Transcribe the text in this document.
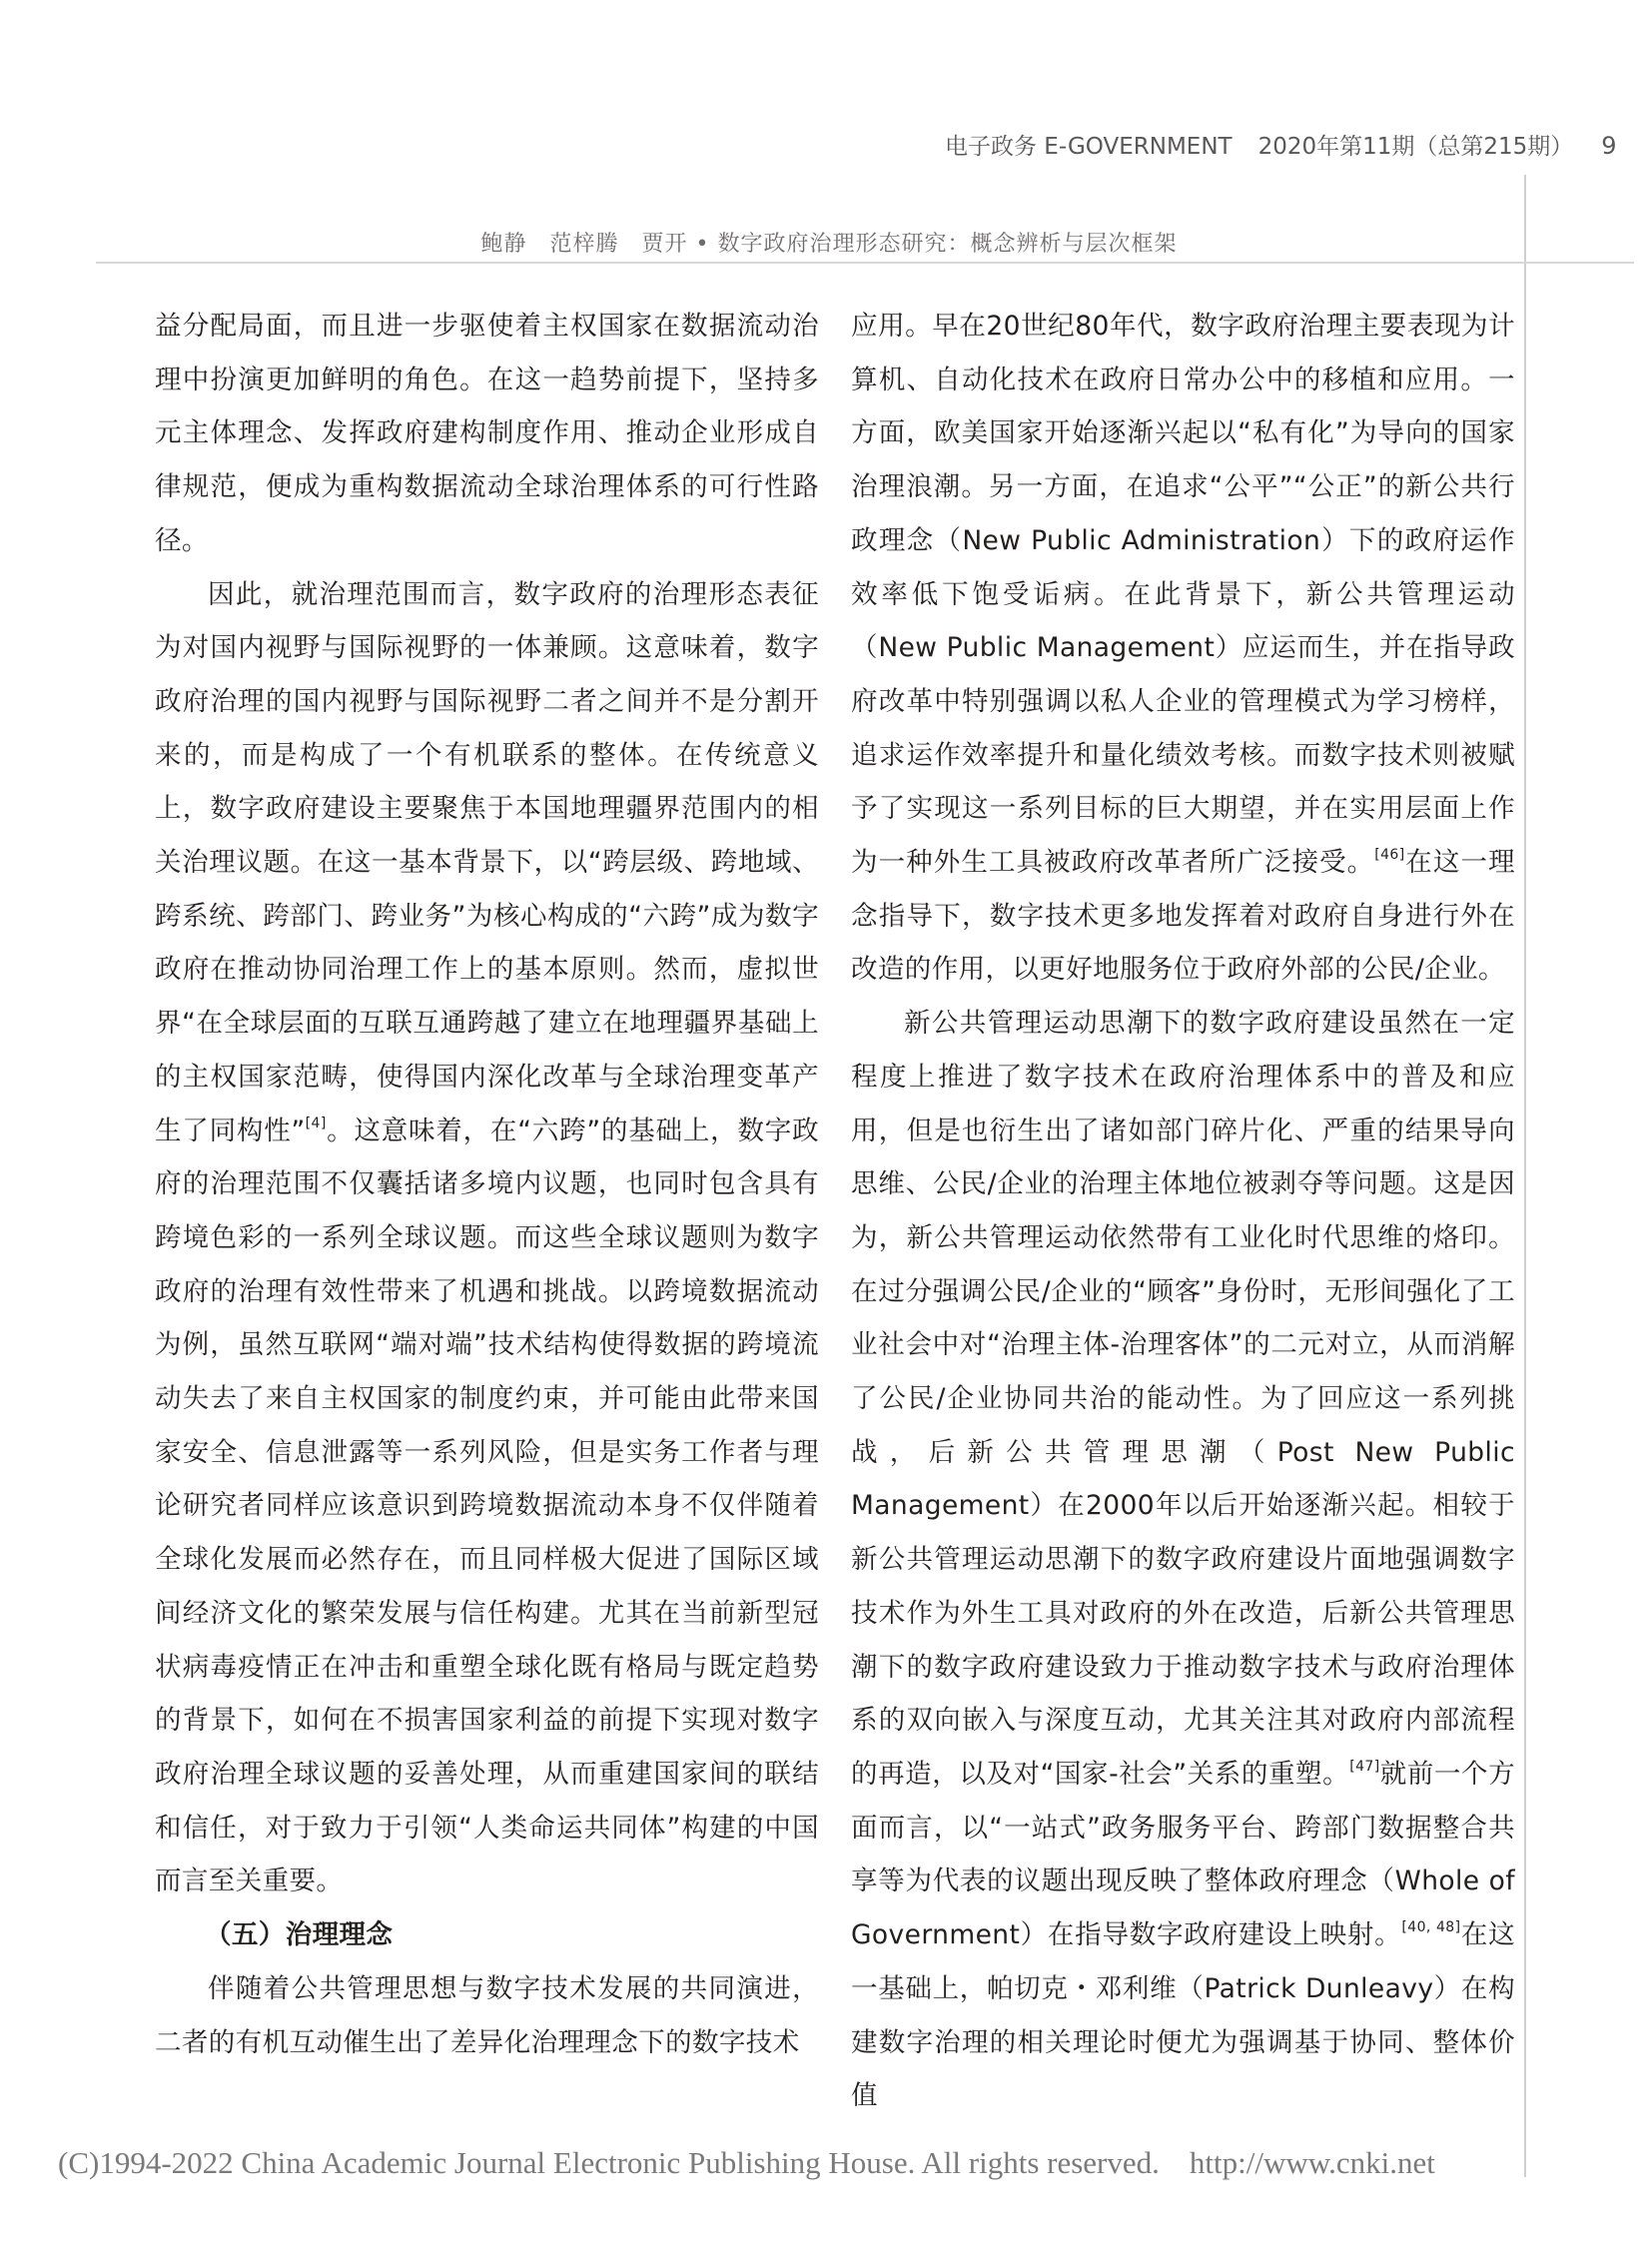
电子政务 E-GOVERNMENT 2020年第11期（总第215期） 9
鲍静　范梓腾　贾开 • 数字政府治理形态研究：概念辨析与层次框架

益分配局面，而且进一步驱使着主权国家在数据流动治理中扮演更加鲜明的角色。在这一趋势前提下，坚持多元主体理念、发挥政府建构制度作用、推动企业形成自律规范，便成为重构数据流动全球治理体系的可行性路径。

因此，就治理范围而言，数字政府的治理形态表征为对国内视野与国际视野的一体兼顾。这意味着，数字政府治理的国内视野与国际视野二者之间并不是分割开来的，而是构成了一个有机联系的整体。在传统意义上，数字政府建设主要聚焦于本国地理疆界范围内的相关治理议题。在这一基本背景下，以“跨层级、跨地域、跨系统、跨部门、跨业务”为核心构成的“六跨”成为数字政府在推动协同治理工作上的基本原则。然而，虚拟世界“在全球层面的互联互通跨越了建立在地理疆界基础上的主权国家范畴，使得国内深化改革与全球治理变革产生了同构性”[4]。这意味着，在“六跨”的基础上，数字政府的治理范围不仅囊括诸多境内议题，也同时包含具有跨境色彩的一系列全球议题。而这些全球议题则为数字政府的治理有效性带来了机遇和挑战。以跨境数据流动为例，虽然互联网“端对端”技术结构使得数据的跨境流动失去了来自主权国家的制度约束，并可能由此带来国家安全、信息泄露等一系列风险，但是实务工作者与理论研究者同样应该意识到跨境数据流动本身不仅伴随着全球化发展而必然存在，而且同样极大促进了国际区域间经济文化的繁荣发展与信任构建。尤其在当前新型冠状病毒疫情正在冲击和重塑全球化既有格局与既定趋势的背景下，如何在不损害国家利益的前提下实现对数字政府治理全球议题的妥善处理，从而重建国家间的联结和信任，对于致力于引领“人类命运共同体”构建的中国而言至关重要。

（五）治理理念

伴随着公共管理思想与数字技术发展的共同演进，二者的有机互动催生出了差异化治理理念下的数字技术

应用。早在20世纪80年代，数字政府治理主要表现为计算机、自动化技术在政府日常办公中的移植和应用。一方面，欧美国家开始逐渐兴起以“私有化”为导向的国家治理浪潮。另一方面，在追求“公平”“公正”的新公共行政理念（New Public Administration）下的政府运作效率低下饱受诟病。在此背景下，新公共管理运动（New Public Management）应运而生，并在指导政府改革中特别强调以私人企业的管理模式为学习榜样，追求运作效率提升和量化绩效考核。而数字技术则被赋予了实现这一系列目标的巨大期望，并在实用层面上作为一种外生工具被政府改革者所广泛接受。[46]在这一理念指导下，数字技术更多地发挥着对政府自身进行外在改造的作用，以更好地服务位于政府外部的公民/企业。

新公共管理运动思潮下的数字政府建设虽然在一定程度上推进了数字技术在政府治理体系中的普及和应用，但是也衍生出了诸如部门碎片化、严重的结果导向思维、公民/企业的治理主体地位被剥夺等问题。这是因为，新公共管理运动依然带有工业化时代思维的烙印。在过分强调公民/企业的“顾客”身份时，无形间强化了工业社会中对“治理主体-治理客体”的二元对立，从而消解了公民/企业协同共治的能动性。为了回应这一系列挑战，后新公共管理思潮（Post New Public Management）在2000年以后开始逐渐兴起。相较于新公共管理运动思潮下的数字政府建设片面地强调数字技术作为外生工具对政府的外在改造，后新公共管理思潮下的数字政府建设致力于推动数字技术与政府治理体系的双向嵌入与深度互动，尤其关注其对政府内部流程的再造，以及对“国家-社会”关系的重塑。[47]就前一个方面而言，以“一站式”政务服务平台、跨部门数据整合共享等为代表的议题出现反映了整体政府理念（Whole of Government）在指导数字政府建设上映射。[40, 48]在这一基础上，帕切克・邓利维（Patrick Dunleavy）在构建数字治理的相关理论时便尤为强调基于协同、整体价值

(C)1994-2022 China Academic Journal Electronic Publishing House. All rights reserved. http://www.cnki.net
